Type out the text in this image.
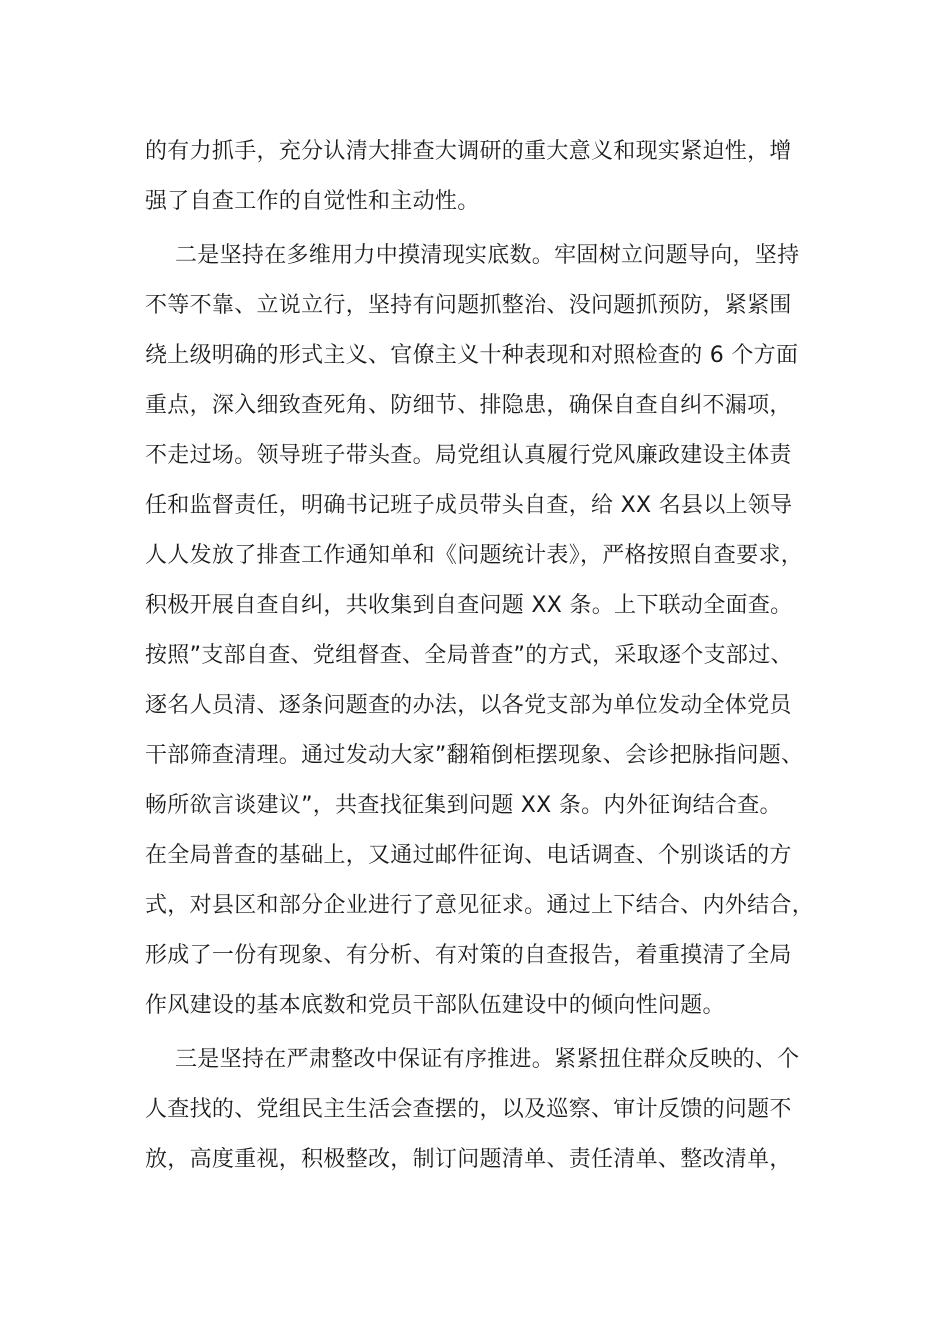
的有力抓手，充分认清大排查大调研的重大意义和现实紧迫性，增
强了自查工作的自觉性和主动性。
二是坚持在多维用力中摸清现实底数。牢固树立问题导向，坚持
不等不靠、立说立行，坚持有问题抓整治、没问题抓预防，紧紧围
绕上级明确的形式主义、官僚主义十种表现和对照检查的 6 个方面
重点，深入细致查死角、防细节、排隐患，确保自查自纠不漏项，
不走过场。领导班子带头查。局党组认真履行党风廉政建设主体责
任和监督责任，明确书记班子成员带头自查，给 XX 名县以上领导
人人发放了排查工作通知单和《问题统计表》，严格按照自查要求，
积极开展自查自纠，共收集到自查问题 XX 条。上下联动全面查。
按照”支部自查、党组督查、全局普查”的方式，采取逐个支部过、
逐名人员清、逐条问题查的办法，以各党支部为单位发动全体党员
干部筛查清理。通过发动大家”翻箱倒柜摆现象、会诊把脉指问题、
畅所欲言谈建议”，共查找征集到问题 XX 条。内外征询结合查。
在全局普查的基础上，又通过邮件征询、电话调查、个别谈话的方
式，对县区和部分企业进行了意见征求。通过上下结合、内外结合，
形成了一份有现象、有分析、有对策的自查报告，着重摸清了全局
作风建设的基本底数和党员干部队伍建设中的倾向性问题。
三是坚持在严肃整改中保证有序推进。紧紧扭住群众反映的、个
人查找的、党组民主生活会查摆的，以及巡察、审计反馈的问题不
放，高度重视，积极整改，制订问题清单、责任清单、整改清单，
